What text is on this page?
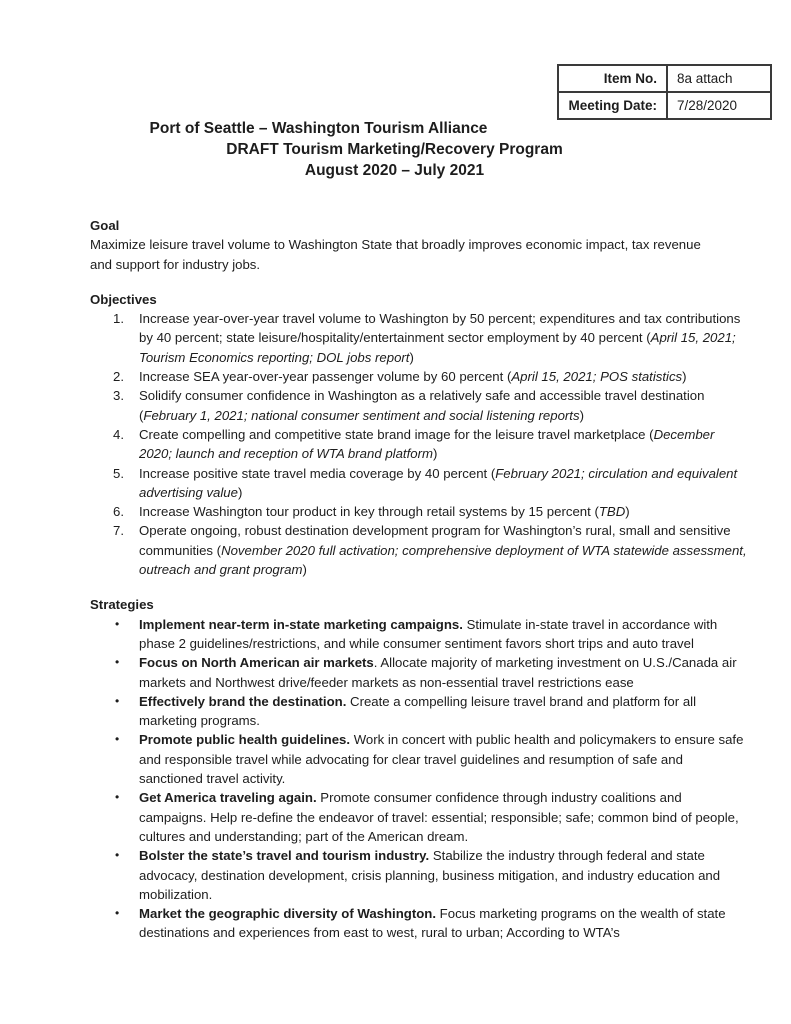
Item No.	8a attach
Meeting Date:	7/28/2020
Port of Seattle – Washington Tourism Alliance
DRAFT Tourism Marketing/Recovery Program
August 2020 – July 2021
Goal

Maximize leisure travel volume to Washington State that broadly improves economic impact, tax revenue and support for industry jobs.

Objectives
1.	Increase year-over-year travel volume to Washington by 50 percent; expenditures and tax contributions by 40 percent; state leisure/hospitality/entertainment sector employment by 40 percent (April 15, 2021; Tourism Economics reporting; DOL jobs report)
2.	Increase SEA year-over-year passenger volume by 60 percent (April 15, 2021; POS statistics)
3.	Solidify consumer confidence in Washington as a relatively safe and accessible travel destination (February 1, 2021; national consumer sentiment and social listening reports)
4.	Create compelling and competitive state brand image for the leisure travel marketplace (December 2020; launch and reception of WTA brand platform)
5.	Increase positive state travel media coverage by 40 percent (February 2021; circulation and equivalent advertising value)
6.	Increase Washington tour product in key through retail systems by 15 percent (TBD)
7.	Operate ongoing, robust destination development program for Washington’s rural, small and sensitive communities (November 2020 full activation; comprehensive deployment of WTA statewide assessment, outreach and grant program)
Strategies
•	Implement near-term in-state marketing campaigns. Stimulate in-state travel in accordance with phase 2 guidelines/restrictions, and while consumer sentiment favors short trips and auto travel
•	Focus on North American air markets. Allocate majority of marketing investment on U.S./Canada air markets and Northwest drive/feeder markets as non-essential travel restrictions ease
•	Effectively brand the destination. Create a compelling leisure travel brand and platform for all marketing programs.
•	Promote public health guidelines. Work in concert with public health and policymakers to ensure safe and responsible travel while advocating for clear travel guidelines and resumption of safe and sanctioned travel activity.
•	Get America traveling again. Promote consumer confidence through industry coalitions and campaigns. Help re-define the endeavor of travel: essential; responsible; safe; common bind of people, cultures and understanding; part of the American dream.
•	Bolster the state’s travel and tourism industry. Stabilize the industry through federal and state advocacy, destination development, crisis planning, business mitigation, and industry education and mobilization.
•	Market the geographic diversity of Washington. Focus marketing programs on the wealth of state destinations and experiences from east to west, rural to urban; According to WTA’s
